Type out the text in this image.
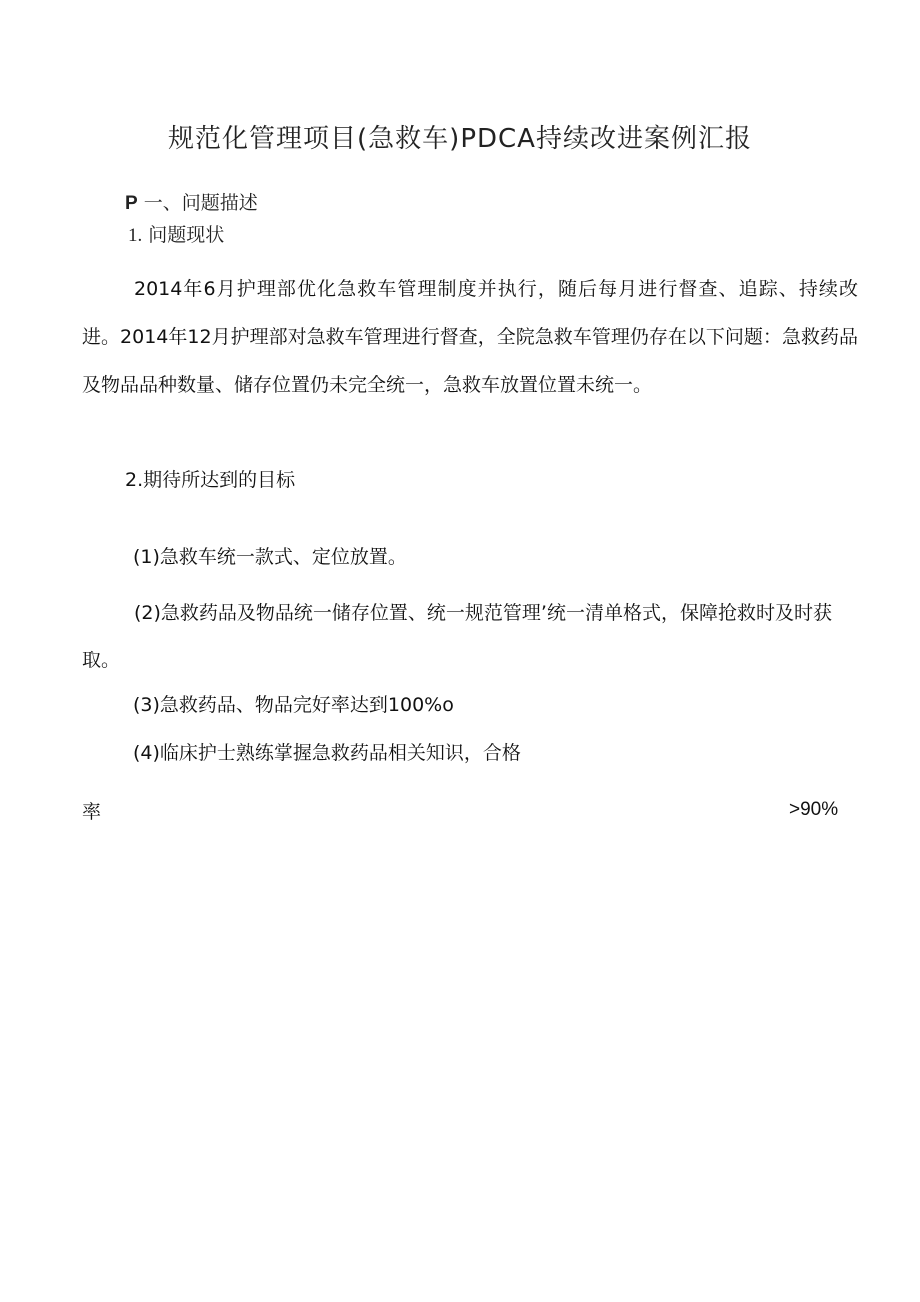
规范化管理项目(急救车)PDCA持续改进案例汇报
P 一、问题描述
1. 问题现状

2014年6月护理部优化急救车管理制度并执行，随后每月进行督查、追踪、持续改进。2014年12月护理部对急救车管理进行督查，全院急救车管理仍存在以下问题：急救药品及物品品种数量、储存位置仍未完全统一，急救车放置位置未统一。

2.期待所达到的目标
(1)急救车统一款式、定位放置。

(2)急救药品及物品统一储存位置、统一规范管理’统一清单格式，保障抢救时及时获取。

(3)急救药品、物品完好率达到100%o
(4)临床护士熟练掌握急救药品相关知识，合格
率	>90%
